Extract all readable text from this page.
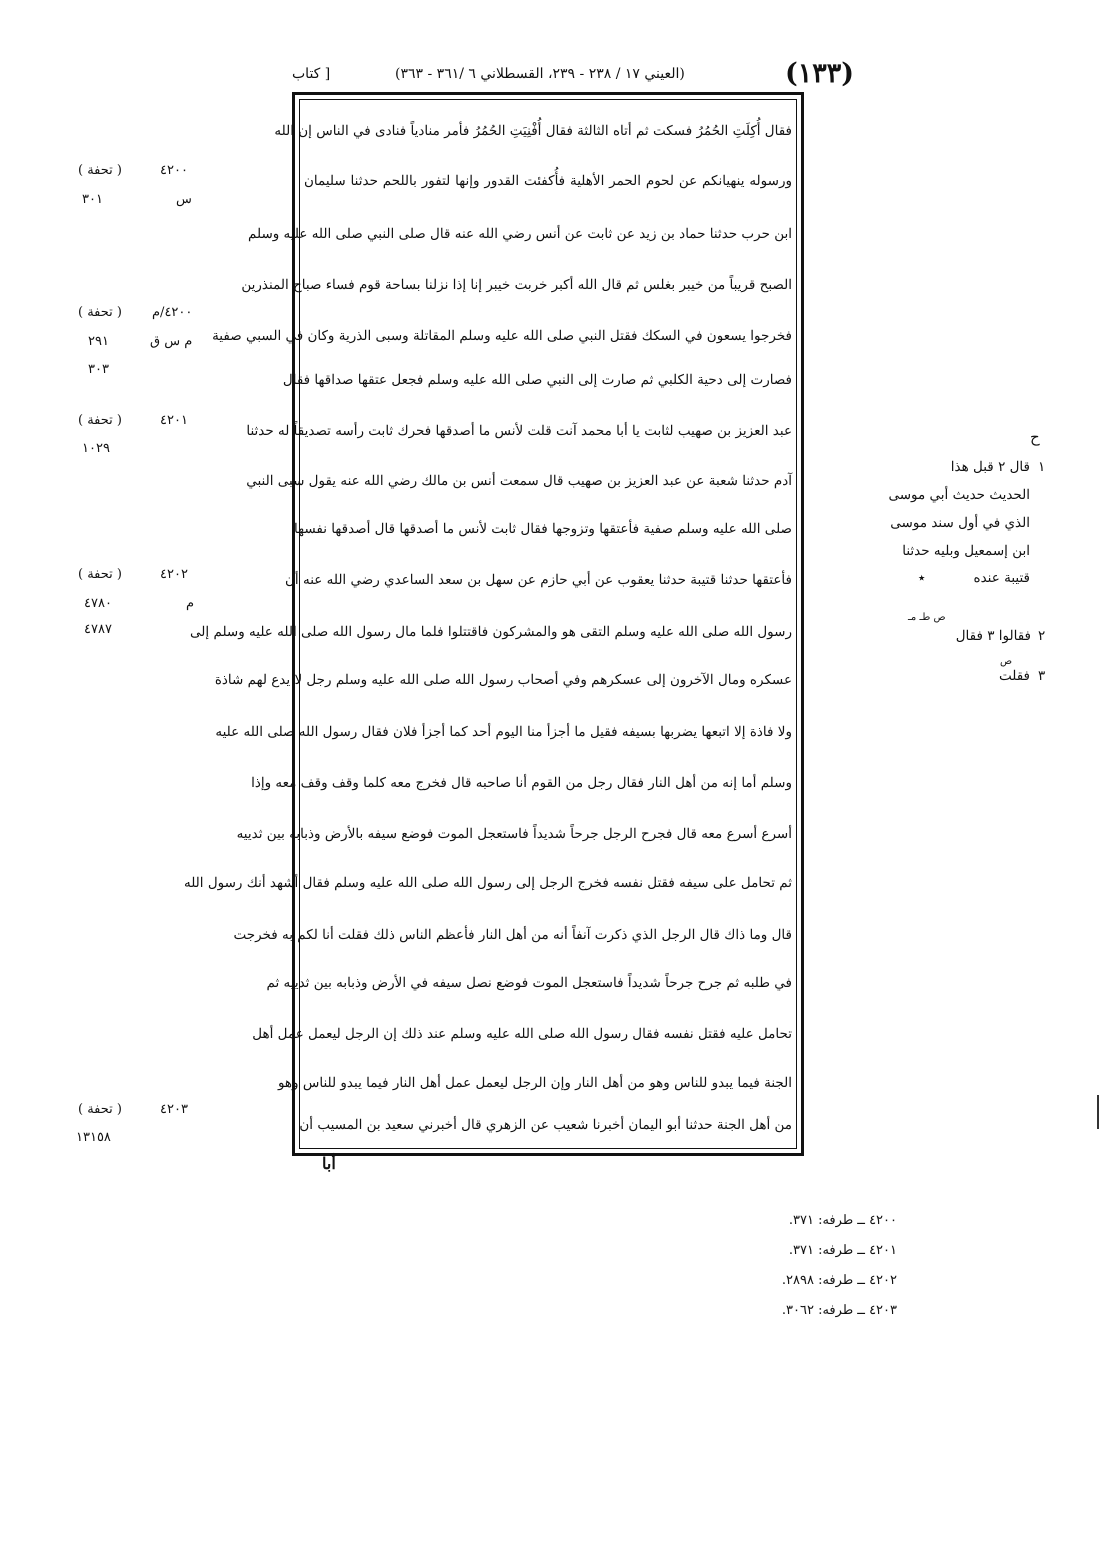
(١٣٣)
(العيني ١٧ / ٢٣٨ - ٢٣٩، القسطلاني ٦ /٣٦١ - ٣٦٣)
[ كتاب
فقال أُكِلَتِ الحُمُرُ فسكت ثم أتاه الثالثة فقال أُفْنِيَتِ الحُمُرُ فأمر منادياً فنادى في الناس إن الله
ورسوله ينهيانكم عن لحوم الحمر الأهلية فأُكفئت القدور وإنها لتفور باللحم حدثنا سليمان
ابن حرب حدثنا حماد بن زيد عن ثابت عن أنس رضي الله عنه قال صلى النبي صلى الله عليه وسلم
الصبح قريباً من خيبر بغلس ثم قال الله أكبر خربت خيبر إنا إذا نزلنا بساحة قوم فساء صباح المنذرين
فخرجوا يسعون في السكك فقتل النبي صلى الله عليه وسلم المقاتلة وسبى الذرية وكان في السبي صفية
فصارت إلى دحية الكلبي ثم صارت إلى النبي صلى الله عليه وسلم فجعل عتقها صداقها فقال
عبد العزيز بن صهيب لثابت يا أبا محمد آنت قلت لأنس ما أصدقها فحرك ثابت رأسه تصديقاً له حدثنا
آدم حدثنا شعبة عن عبد العزيز بن صهيب قال سمعت أنس بن مالك رضي الله عنه يقول سبى النبي
صلى الله عليه وسلم صفية فأعتقها وتزوجها فقال ثابت لأنس ما أصدقها قال أصدقها نفسها
فأعتقها حدثنا قتيبة حدثنا يعقوب عن أبي حازم عن سهل بن سعد الساعدي رضي الله عنه أن
رسول الله صلى الله عليه وسلم التقى هو والمشركون فاقتتلوا فلما مال رسول الله صلى الله عليه وسلم إلى
عسكره ومال الآخرون إلى عسكرهم وفي أصحاب رسول الله صلى الله عليه وسلم رجل لا يدع لهم شاذة
ولا فاذة إلا اتبعها يضربها بسيفه فقيل ما أجزأ منا اليوم أحد كما أجزأ فلان فقال رسول الله صلى الله عليه
وسلم أما إنه من أهل النار فقال رجل من القوم أنا صاحبه قال فخرج معه كلما وقف وقف معه وإذا
أسرع أسرع معه قال فجرح الرجل جرحاً شديداً فاستعجل الموت فوضع سيفه بالأرض وذبابه بين ثدييه
ثم تحامل على سيفه فقتل نفسه فخرج الرجل إلى رسول الله صلى الله عليه وسلم فقال أشهد أنك رسول الله
قال وما ذاك قال الرجل الذي ذكرت آنفاً أنه من أهل النار فأعظم الناس ذلك فقلت أنا لكم به فخرجت
في طلبه ثم جرح جرحاً شديداً فاستعجل الموت فوضع نصل سيفه في الأرض وذبابه بين ثدييه ثم
تحامل عليه فقتل نفسه فقال رسول الله صلى الله عليه وسلم عند ذلك إن الرجل ليعمل عمل أهل
الجنة فيما يبدو للناس وهو من أهل النار وإن الرجل ليعمل عمل أهل النار فيما يبدو للناس وهو
من أهل الجنة حدثنا أبو اليمان أخبرنا شعيب عن الزهري قال أخبرني سعيد بن المسيب أن
أبا
( تحفة )	٤٢٠٠
٣٠١	س
( تحفة ) ٤٢٠٠/م
٢٩١	م س ق
٣٠٣
( تحفة )	٤٢٠١
١٠٢٩
( تحفة )	٤٢٠٢
٤٧٨٠	م
٤٧٨٧
( تحفة )	٤٢٠٣
١٣١٥٨
ح
١
قال ٢ قبل هذا
الحديث حديث أبي موسى
الذي في أول سند موسى
ابن إسمعيل وبليه حدثنا
قتيبة عنده
٭
ص طـ مـ
٢
فقالوا ٣ فقال
ص
٣
فقلت
٤٢٠٠ ــ طرفه: ٣٧١.
٤٢٠١ ــ طرفه: ٣٧١.
٤٢٠٢ ــ طرفه: ٢٨٩٨.
٤٢٠٣ ــ طرفه: ٣٠٦٢.
